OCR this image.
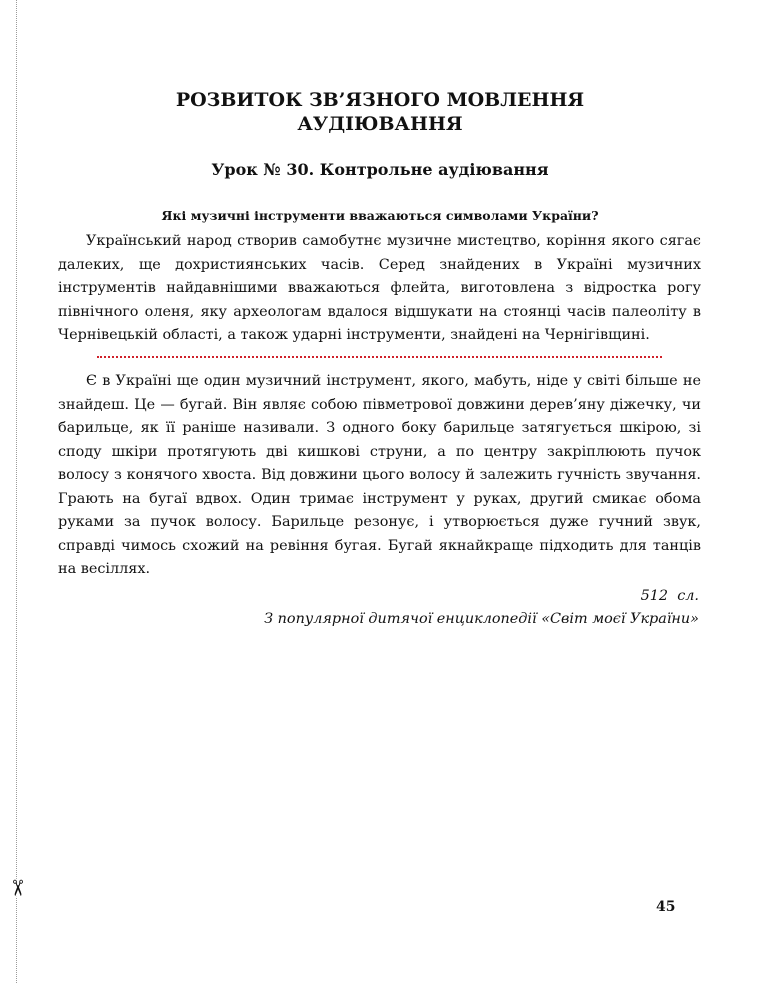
✂
РОЗВИТОК ЗВ’ЯЗНОГО МОВЛЕННЯ
АУДІЮВАННЯ
Урок № 30. Контрольне аудіювання
Які музичні інструменти вважаються символами України?

Український народ створив самобутнє музичне мистецтво, коріння якого сягає далеких, ще дохристиянських часів. Серед знайдених в Україні музичних інструментів найдавнішими вважаються флейта, виготовлена з відростка рогу північного оленя, яку археологам вдалося відшукати на стоянці часів палеоліту в Чернівецькій області, а також ударні інструменти, знайдені на Чернігівщині.

Є в Україні ще один музичний інструмент, якого, мабуть, ніде у світі більше не знайдеш. Це — бугай. Він являє собою півметрової довжини дерев’яну діжечку, чи барильце, як її раніше називали. З одного боку барильце затягується шкірою, зі споду шкіри протягують дві кишкові струни, а по центру закріплюють пучок волосу з конячого хвоста. Від довжини цього волосу й залежить гучність звучання. Грають на бугаї вдвох. Один тримає інструмент у руках, другий смикає обома руками за пучок волосу. Барильце резонує, і утворюється дуже гучний звук, справді чимось схожий на ревіння бугая. Бугай якнайкраще підходить для танців на весіллях.

512  сл.
З популярної дитячої енциклопедії «Світ моєї України»
45
